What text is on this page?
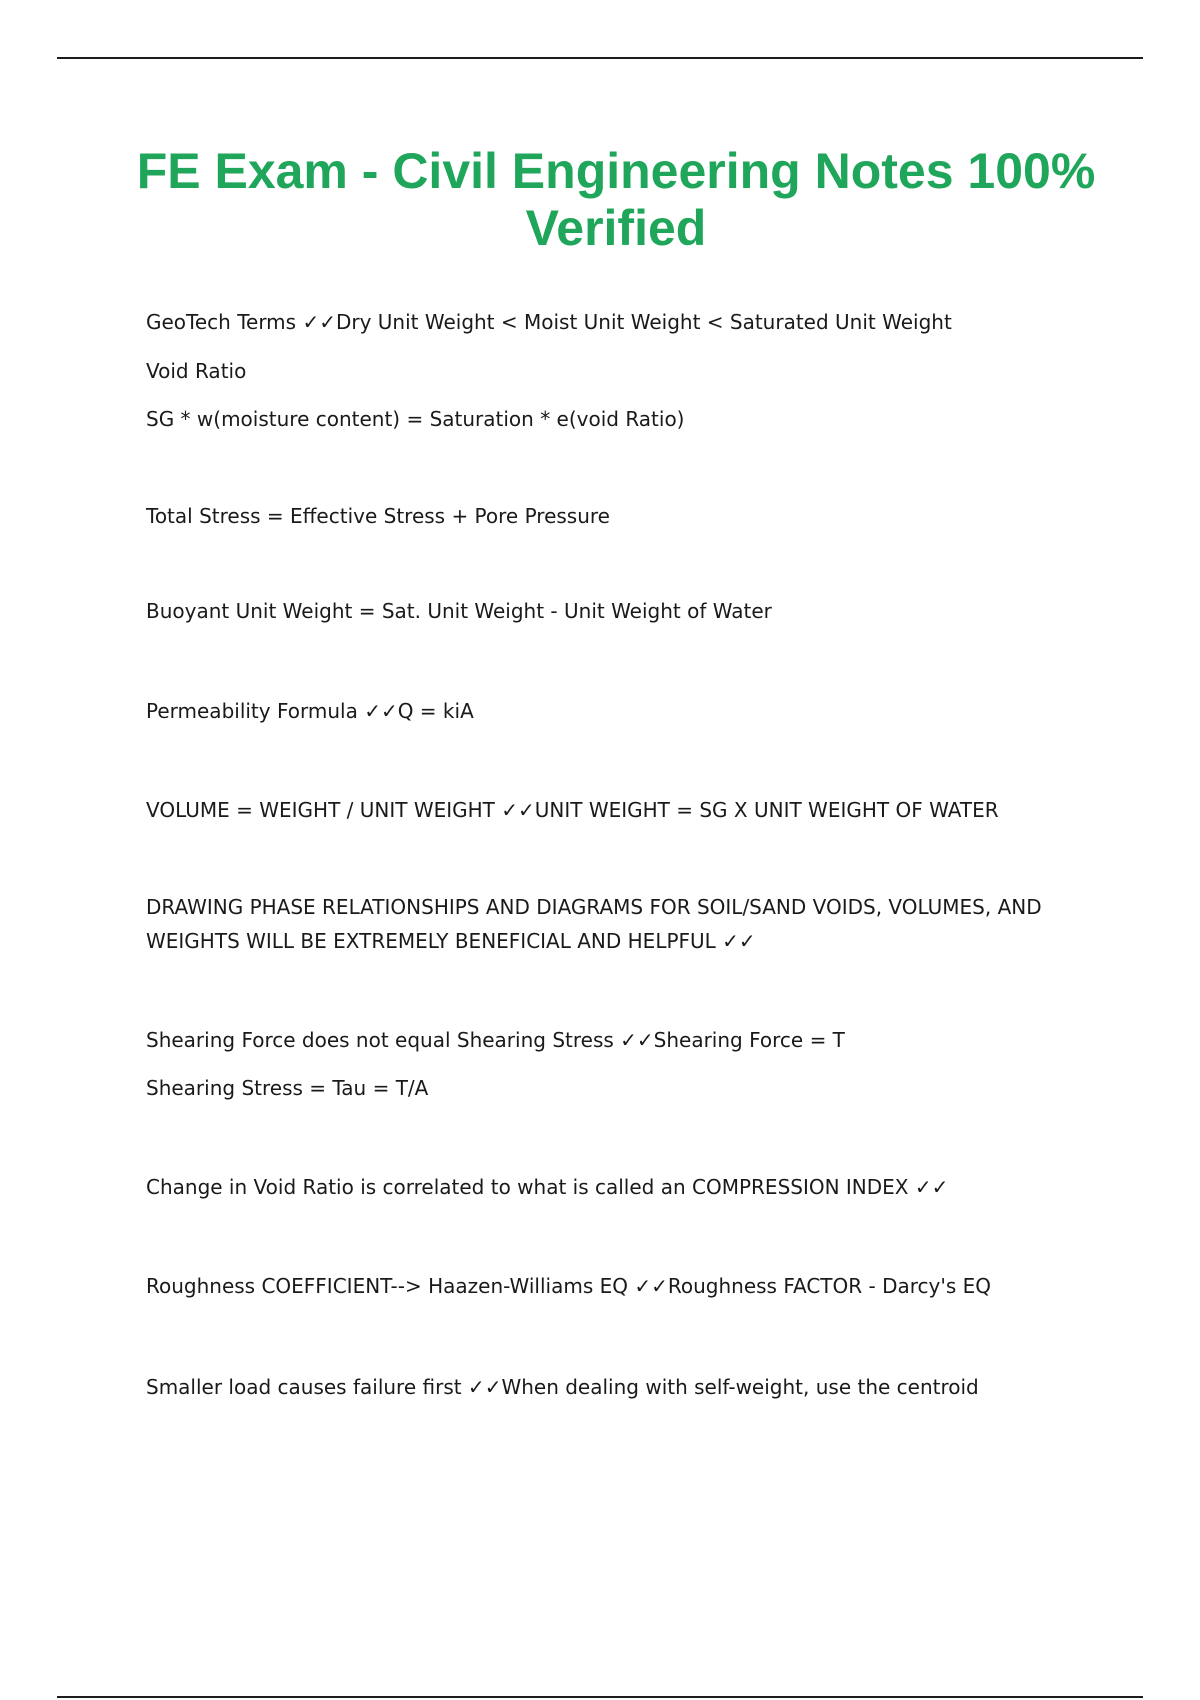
FE Exam - Civil Engineering Notes 100% Verified

GeoTech Terms ✓✓Dry Unit Weight < Moist Unit Weight < Saturated Unit Weight

Void Ratio

SG * w(moisture content) = Saturation * e(void Ratio)

Total Stress = Effective Stress + Pore Pressure

Buoyant Unit Weight = Sat. Unit Weight - Unit Weight of Water

Permeability Formula ✓✓Q = kiA

VOLUME = WEIGHT / UNIT WEIGHT ✓✓UNIT WEIGHT = SG X UNIT WEIGHT OF WATER

DRAWING PHASE RELATIONSHIPS AND DIAGRAMS FOR SOIL/SAND VOIDS, VOLUMES, AND WEIGHTS WILL BE EXTREMELY BENEFICIAL AND HELPFUL ✓✓

Shearing Force does not equal Shearing Stress ✓✓Shearing Force = T

Shearing Stress = Tau = T/A

Change in Void Ratio is correlated to what is called an COMPRESSION INDEX ✓✓

Roughness COEFFICIENT--> Haazen-Williams EQ ✓✓Roughness FACTOR - Darcy's EQ

Smaller load causes failure first ✓✓When dealing with self-weight, use the centroid
